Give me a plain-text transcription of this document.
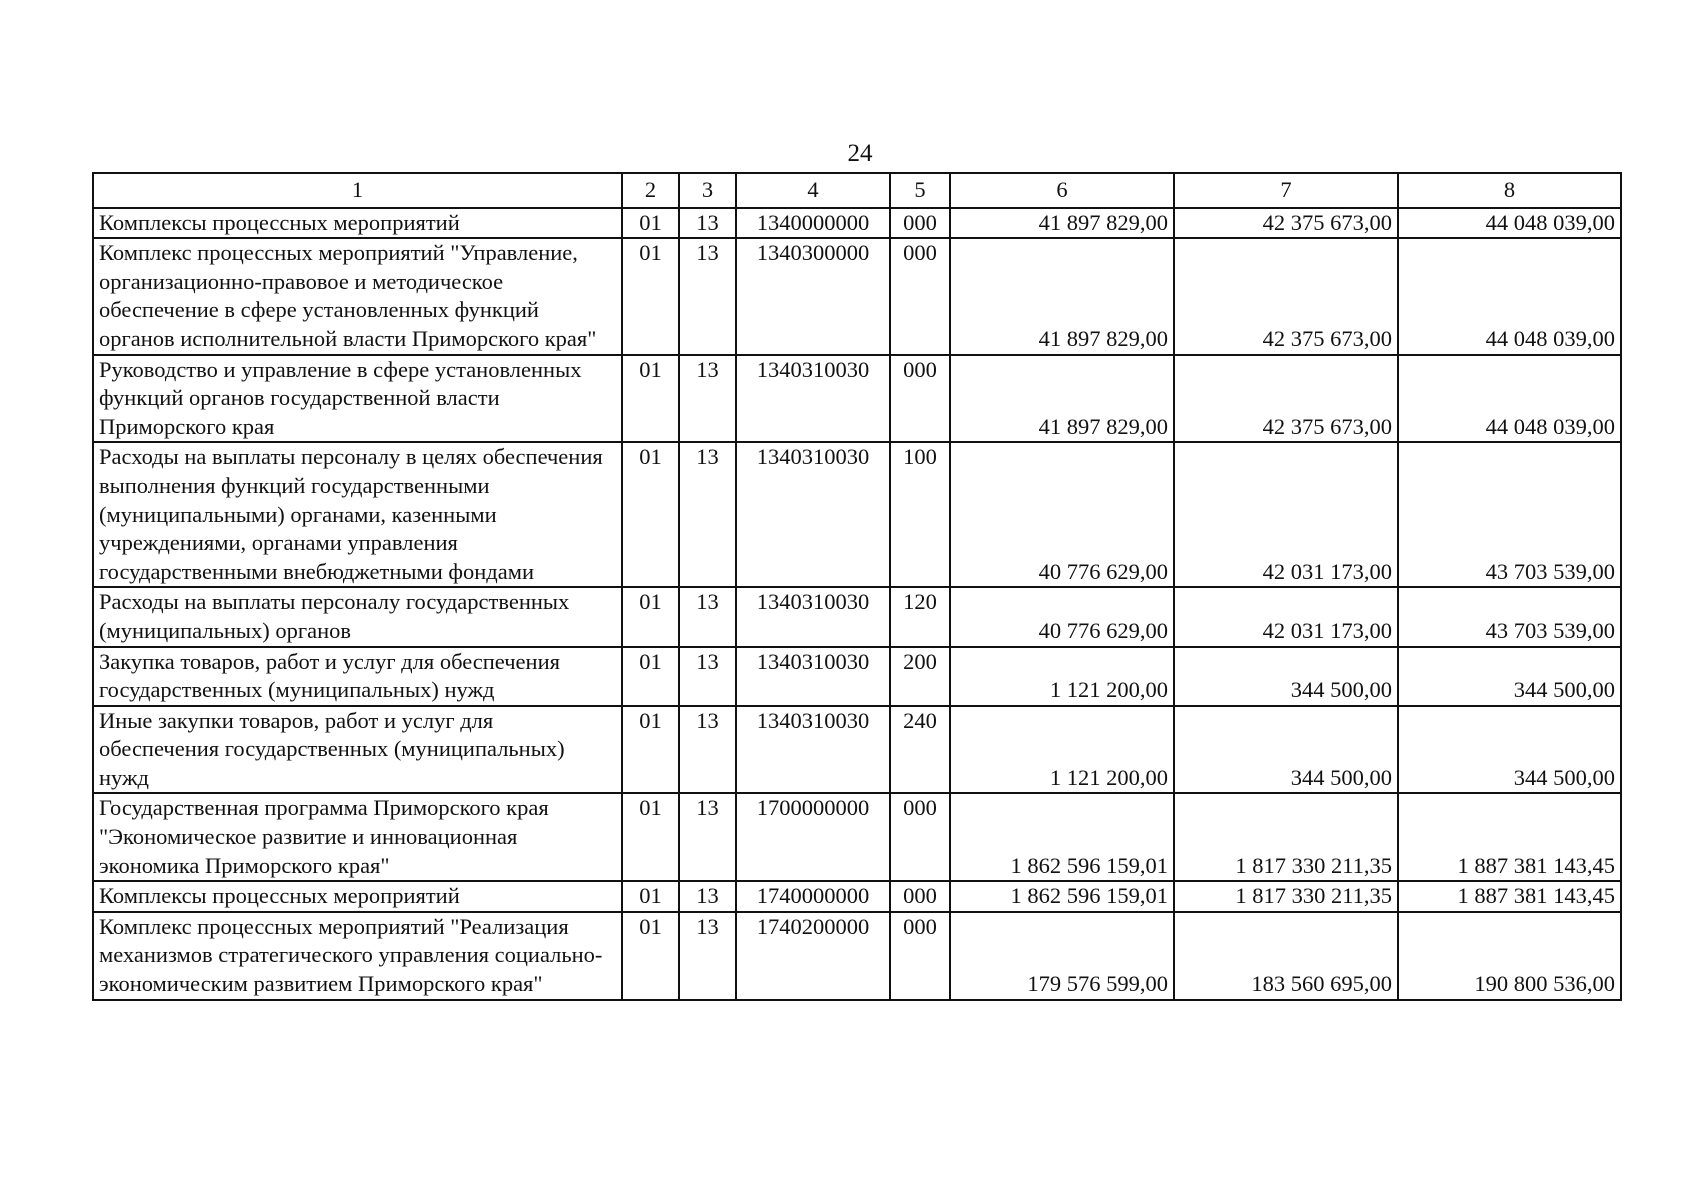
24
1	2	3	4	5	6	7	8
Комплексы процессных мероприятий	01	13	1340000000	000	41 897 829,00	42 375 673,00	44 048 039,00
Комплекс процессных мероприятий "Управление, организационно-правовое и методическое обеспечение в сфере установленных функций органов исполнительной власти Приморского края"	01	13	1340300000	000	41 897 829,00	42 375 673,00	44 048 039,00
Руководство и управление в сфере установленных функций органов государственной власти Приморского края	01	13	1340310030	000	41 897 829,00	42 375 673,00	44 048 039,00
Расходы на выплаты персоналу в целях обеспечения выполнения функций государственными (муниципальными) органами, казенными учреждениями, органами управления государственными внебюджетными фондами	01	13	1340310030	100	40 776 629,00	42 031 173,00	43 703 539,00
Расходы на выплаты персоналу государственных (муниципальных) органов	01	13	1340310030	120	40 776 629,00	42 031 173,00	43 703 539,00
Закупка товаров, работ и услуг для обеспечения государственных (муниципальных) нужд	01	13	1340310030	200	1 121 200,00	344 500,00	344 500,00
Иные закупки товаров, работ и услуг для обеспечения государственных (муниципальных) нужд	01	13	1340310030	240	1 121 200,00	344 500,00	344 500,00
Государственная программа Приморского края "Экономическое развитие и инновационная экономика Приморского края"	01	13	1700000000	000	1 862 596 159,01	1 817 330 211,35	1 887 381 143,45
Комплексы процессных мероприятий	01	13	1740000000	000	1 862 596 159,01	1 817 330 211,35	1 887 381 143,45
Комплекс процессных мероприятий "Реализация механизмов стратегического управления социально-экономическим развитием Приморского края"	01	13	1740200000	000	179 576 599,00	183 560 695,00	190 800 536,00
